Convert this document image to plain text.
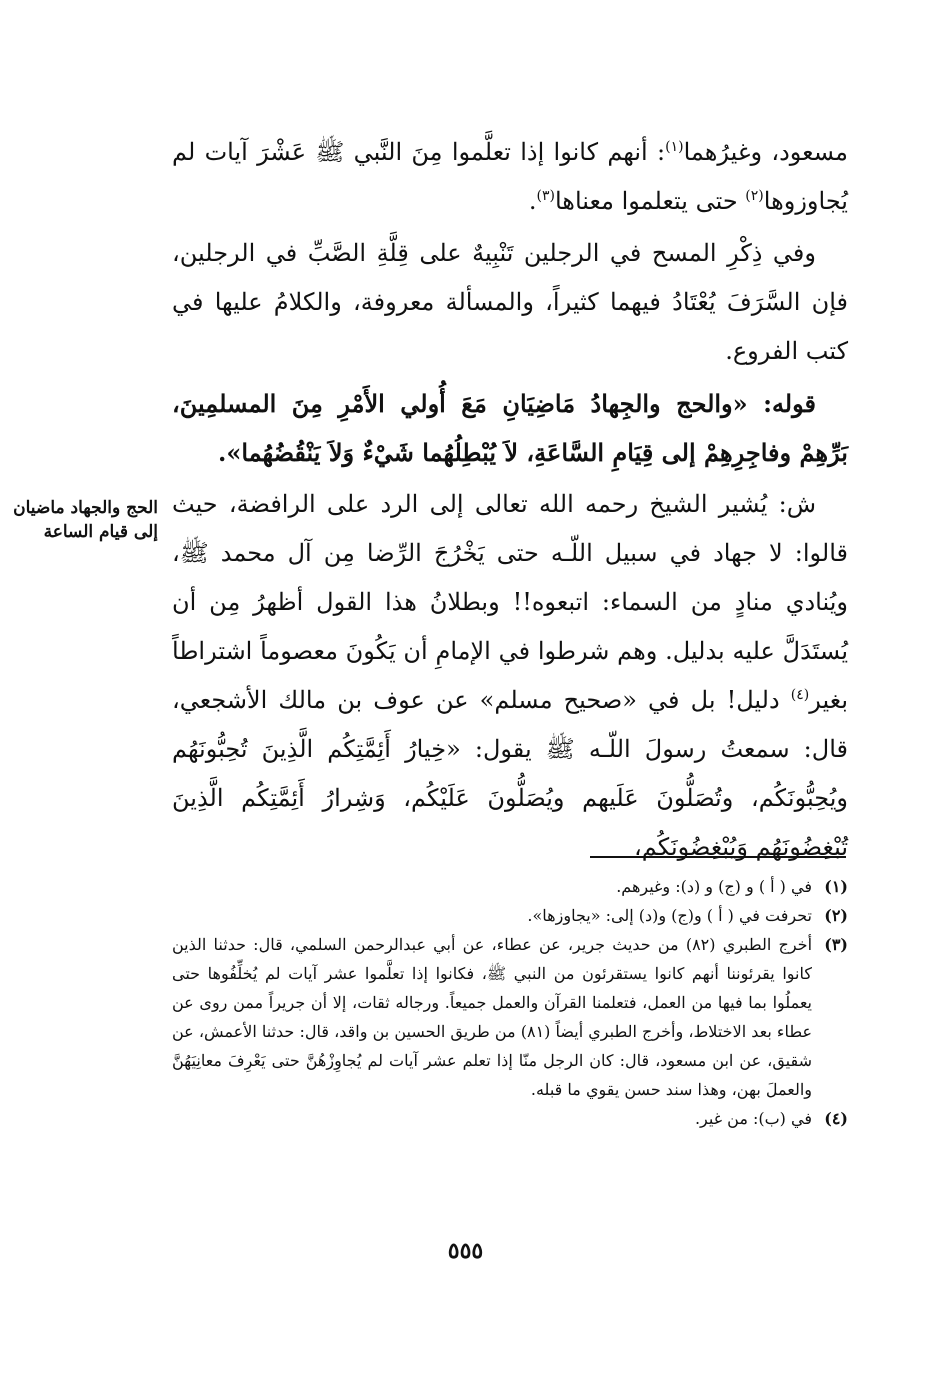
مسعود، وغيرُهما$^{(١)}$: أنهم كانوا إذا تعلَّموا مِنَ النَّبي ﷺ عَشْرَ آيات لم يُجاوزوها$^{(٢)}$ حتى يتعلموا معناها$^{(٣)}$.

وفي ذِكْرِ المسح في الرجلين تَنْبِيهٌ على قِلَّةِ الصَّبِّ في الرجلين، فإن السَّرَفَ يُعْتَادُ فيهما كثيراً، والمسألة معروفة، والكلامُ عليها في كتب الفروع.

قوله: «والحج والجِهادُ مَاضِيَانِ مَعَ أُولي الأَمْرِ مِنَ المسلمِينَ، بَرِّهِمْ وفاجِرِهِمْ إلى قِيَامِ السَّاعَةِ، لاَ يُبْطِلُهُما شَيْءٌ وَلاَ يَنْقُضُهُما».

ش: يُشير الشيخ رحمه الله تعالى إلى الرد على الرافضة، حيث قالوا: لا جهاد في سبيل اللّـه حتى يَخْرُجَ الرِّضا مِن آل محمد ﷺ، ويُنادي منادٍ من السماء: اتبعوه!! وبطلانُ هذا القول أظهرُ مِن أن يُستَدَلَّ عليه بدليل. وهم شرطوا في الإمامِ أن يَكُونَ معصوماً اشتراطاً بغير$^{(٤)}$ دليل! بل في «صحيح مسلم» عن عوف بن مالك الأشجعي، قال: سمعتُ رسولَ اللّـه ﷺ يقول: «خِيارُ أَئِمَّتِكُم الَّذِينَ تُحِبُّونَهُم ويُحِبُّونَكُم، وتُصَلُّونَ عَلَيهم ويُصَلُّونَ عَلَيْكُم، وَشِرارُ أَئِمَّتِكُم الَّذِينَ تُبْغِضُونَهُم وَيُبْغِضُونَكُم،

الحج والجهاد ماضيان إلى قيام الساعة
(١)
في ( أ ) و (ج) و (د): وغيرهم.
(٢)
تحرفت في ( أ ) و(ج) و(د) إلى: «يجاوزها».
(٣)
أخرج الطبري (٨٢) من حديث جرير، عن عطاء، عن أبي عبدالرحمن السلمي، قال: حدثنا الذين كانوا يقرئوننا أنهم كانوا يستقرئون من النبي ﷺ، فكانوا إذا تعلَّموا عشر آيات لم يُخلِّفُوها حتى يعملُوا بما فيها من العمل، فتعلمنا القرآن والعمل جميعاً. ورجاله ثقات، إلا أن جريراً ممن روى عن عطاء بعد الاختلاط، وأخرج الطبري أيضاً (٨١) من طريق الحسين بن واقد، قال: حدثنا الأعمش، عن شقيق، عن ابن مسعود، قال: كان الرجل منّا إذا تعلم عشر آيات لم يُجاوِزْهُنَّ حتى يَعْرِفَ معانِيَهُنَّ والعملَ بهن، وهذا سند حسن يقوي ما قبله.
(٤)
في (ب): من غير.
٥٥٥
